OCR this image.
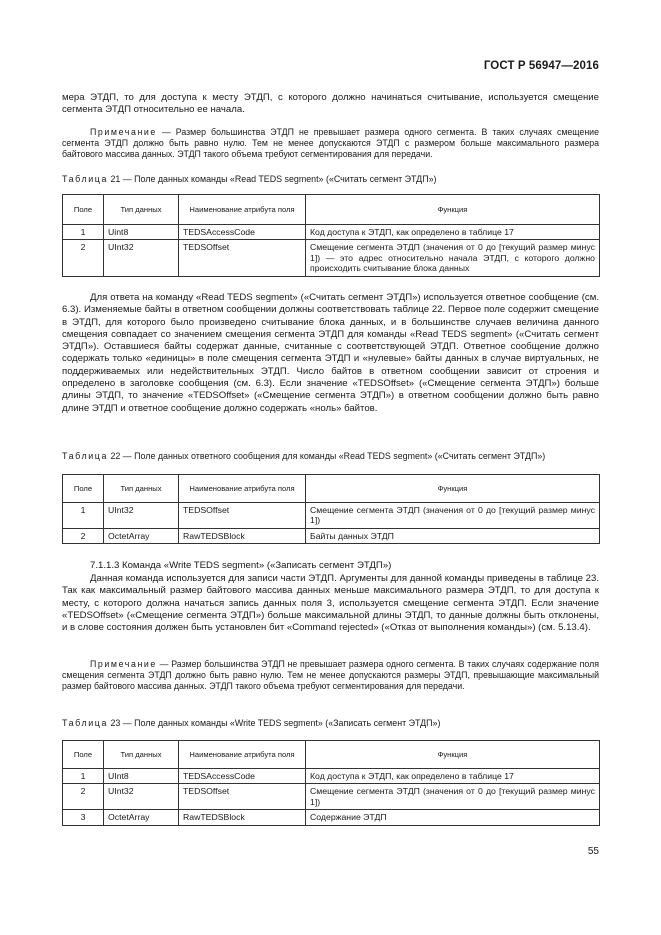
ГОСТ Р 56947—2016

мера ЭТДП, то для доступа к месту ЭТДП, с которого должно начинаться считывание, используется смещение сегмента ЭТДП относительно ее начала.

Примечание — Размер большинства ЭТДП не превышает размера одного сегмента. В таких случаях смещение сегмента ЭТДП должно быть равно нулю. Тем не менее допускаются ЭТДП с размером больше максимального размера байтового массива данных. ЭТДП такого объема требуют сегментирования для передачи.

Таблица 21 — Поле данных команды «Read TEDS segment» («Считать сегмент ЭТДП»)

Поле	Тип данных	Наименование атрибута поля	Функция
1	Uint8	TEDSAccessCode	Код доступа к ЭТДП, как определено в таблице 17
2	UInt32	TEDSOffset	Смещение сегмента ЭТДП (значения от 0 до [текущий размер минус 1]) — это адрес относительно начала ЭТДП, с которого должно происходить считывание блока данных

Для ответа на команду «Read TEDS segment» («Считать сегмент ЭТДП») используется ответное сообщение (см. 6.3). Изменяемые байты в ответном сообщении должны соответствовать таблице 22. Первое поле содержит смещение в ЭТДП, для которого было произведено считывание блока данных, и в большинстве случаев величина данного смещения совпадает со значением смещения сегмента ЭТДП для команды «Read TEDS segment» («Считать сегмент ЭТДП»). Оставшиеся байты содержат данные, считанные с соответствующей ЭТДП. Ответное сообщение должно содержать только «единицы» в поле смещения сегмента ЭТДП и «нулевые» байты данных в случае виртуальных, не поддерживаемых или недействительных ЭТДП. Число байтов в ответном сообщении зависит от строения и определено в заголовке сообщения (см. 6.3). Если значение «TEDSOffset» («Смещение сегмента ЭТДП») больше длины ЭТДП, то значение «TEDSOffset» («Смещение сегмента ЭТДП») в ответном сообщении должно быть равно длине ЭТДП и ответное сообщение должно содержать «ноль» байтов.

Таблица 22 — Поле данных ответного сообщения для команды «Read TEDS segment» («Считать сегмент ЭТДП»)

Поле	Тип данных	Наименование атрибута поля	Функция
1	UInt32	TEDSOffset	Смещение сегмента ЭТДП (значения от 0 до [текущий размер минус 1])
2	OctetArray	RawTEDSBlock	Байты данных ЭТДП

7.1.1.3 Команда «Write TEDS segment» («Записать сегмент ЭТДП»)

Данная команда используется для записи части ЭТДП. Аргументы для данной команды приведены в таблице 23. Так как максимальный размер байтового массива данных меньше максимального размера ЭТДП, то для доступа к месту, с которого должна начаться запись данных поля 3, используется смещение сегмента ЭТДП. Если значение «TEDSOffset» («Смещение сегмента ЭТДП») больше максимальной длины ЭТДП, то данные должны быть отклонены, и в слове состояния должен быть установлен бит «Command rejected» («Отказ от выполнения команды») (см. 5.13.4).

Примечание — Размер большинства ЭТДП не превышает размера одного сегмента. В таких случаях содержание поля смещения сегмента ЭТДП должно быть равно нулю. Тем не менее допускаются размеры ЭТДП, превышающие максимальный размер байтового массива данных. ЭТДП такого объема требуют сегментирования для передачи.

Таблица 23 — Поле данных команды «Write TEDS segment» («Записать сегмент ЭТДП»)

Поле	Тип данных	Наименование атрибута поля	Функция
1	UInt8	TEDSAccessCode	Код доступа к ЭТДП, как определено в таблице 17
2	UInt32	TEDSOffset	Смещение сегмента ЭТДП (значения от 0 до [текущий размер минус 1])
3	OctetArray	RawTEDSBlock	Содержание ЭТДП
55
